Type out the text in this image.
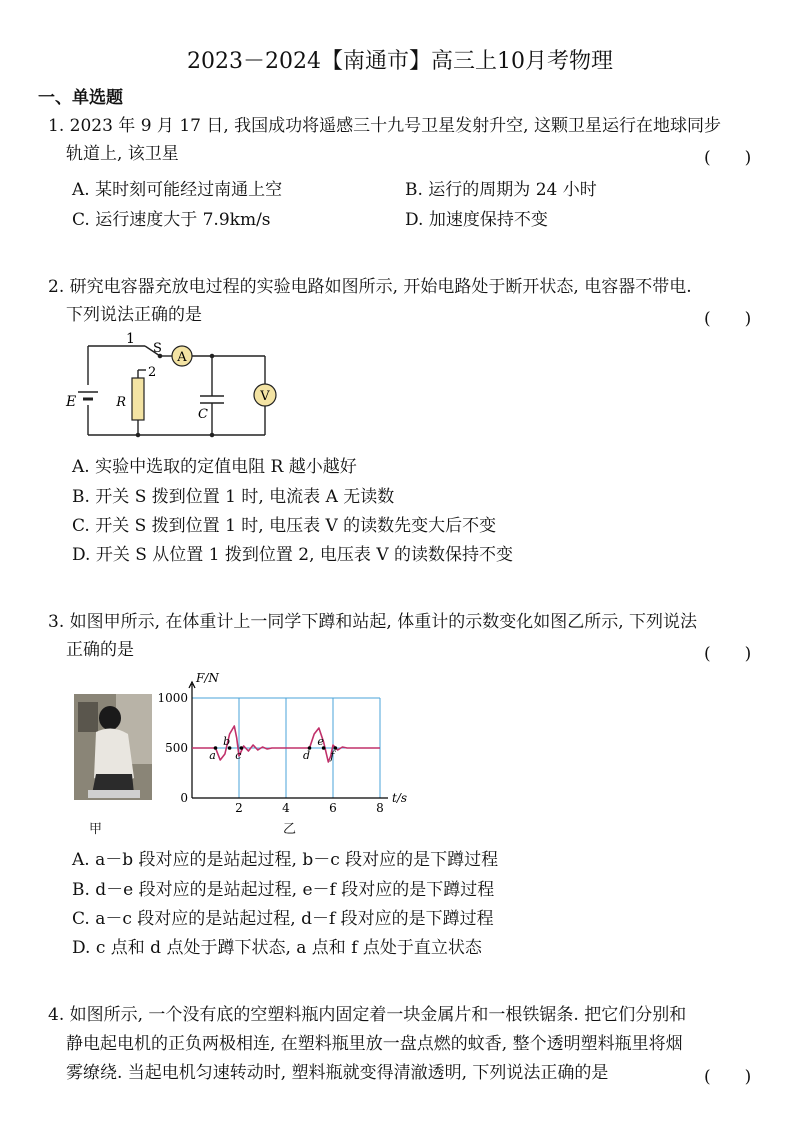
2023－2024【南通市】高三上10月考物理
一、单选题
1. 2023 年 9 月 17 日, 我国成功将遥感三十九号卫星发射升空, 这颗卫星运行在地球同步
轨道上, 该卫星	(　　)
A. 某时刻可能经过南通上空	B. 运行的周期为 24 小时
C. 运行速度大于 7.9km/s	D. 加速度保持不变
2. 研究电容器充放电过程的实验电路如图所示, 开始电路处于断开状态, 电容器不带电.
下列说法正确的是	(　　)
A
V
1
S
2
E	R
C
A. 实验中选取的定值电阻 R 越小越好
B. 开关 S 拨到位置 1 时, 电流表 A 无读数
C. 开关 S 拨到位置 1 时, 电压表 V 的读数先变大后不变
D. 开关 S 从位置 1 拨到位置 2, 电压表 V 的读数保持不变
3. 如图甲所示, 在体重计上一同学下蹲和站起, 体重计的示数变化如图乙所示, 下列说法
正确的是	(　　)
甲
2	4	6	8
0
500
1000
F/N
t/s
a
b
c	d
e
f
乙
A. a－b 段对应的是站起过程, b－c 段对应的是下蹲过程
B. d－e 段对应的是站起过程, e－f 段对应的是下蹲过程
C. a－c 段对应的是站起过程, d－f 段对应的是下蹲过程
D. c 点和 d 点处于蹲下状态, a 点和 f 点处于直立状态
4. 如图所示, 一个没有底的空塑料瓶内固定着一块金属片和一根铁锯条. 把它们分别和
静电起电机的正负两极相连, 在塑料瓶里放一盘点燃的蚊香, 整个透明塑料瓶里将烟
雾缭绕. 当起电机匀速转动时, 塑料瓶就变得清澈透明, 下列说法正确的是	(　　)
